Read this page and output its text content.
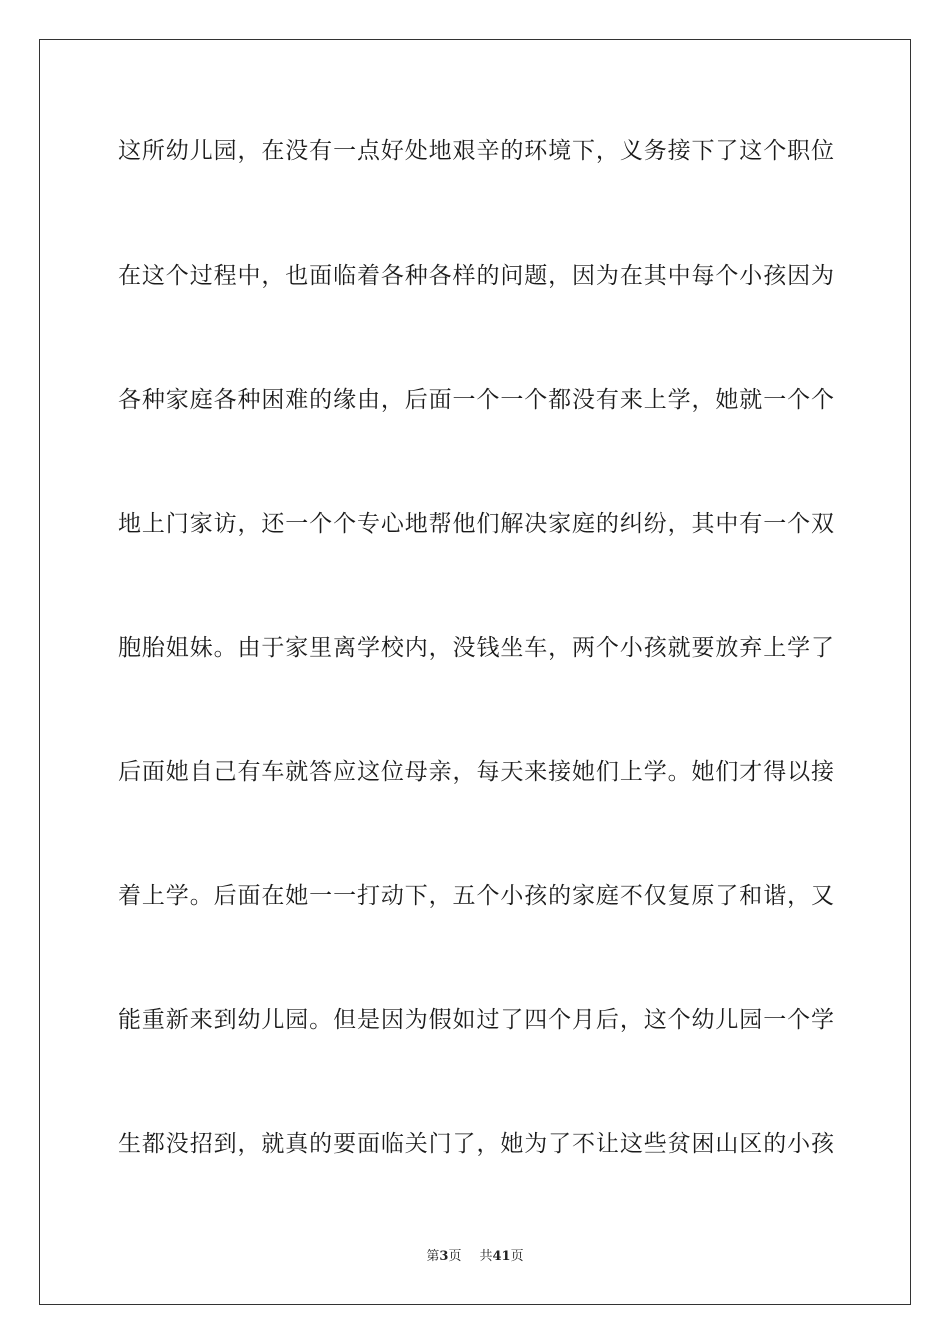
这所幼儿园，在没有一点好处地艰辛的环境下，义务接下了这个职位
在这个过程中，也面临着各种各样的问题，因为在其中每个小孩因为
各种家庭各种困难的缘由，后面一个一个都没有来上学，她就一个个
地上门家访，还一个个专心地帮他们解决家庭的纠纷，其中有一个双
胞胎姐妹。由于家里离学校内，没钱坐车，两个小孩就要放弃上学了
后面她自己有车就答应这位母亲，每天来接她们上学。她们才得以接
着上学。后面在她一一打动下，五个小孩的家庭不仅复原了和谐，又
能重新来到幼儿园。但是因为假如过了四个月后，这个幼儿园一个学
生都没招到，就真的要面临关门了，她为了不让这些贫困山区的小孩
第3页 共41页
